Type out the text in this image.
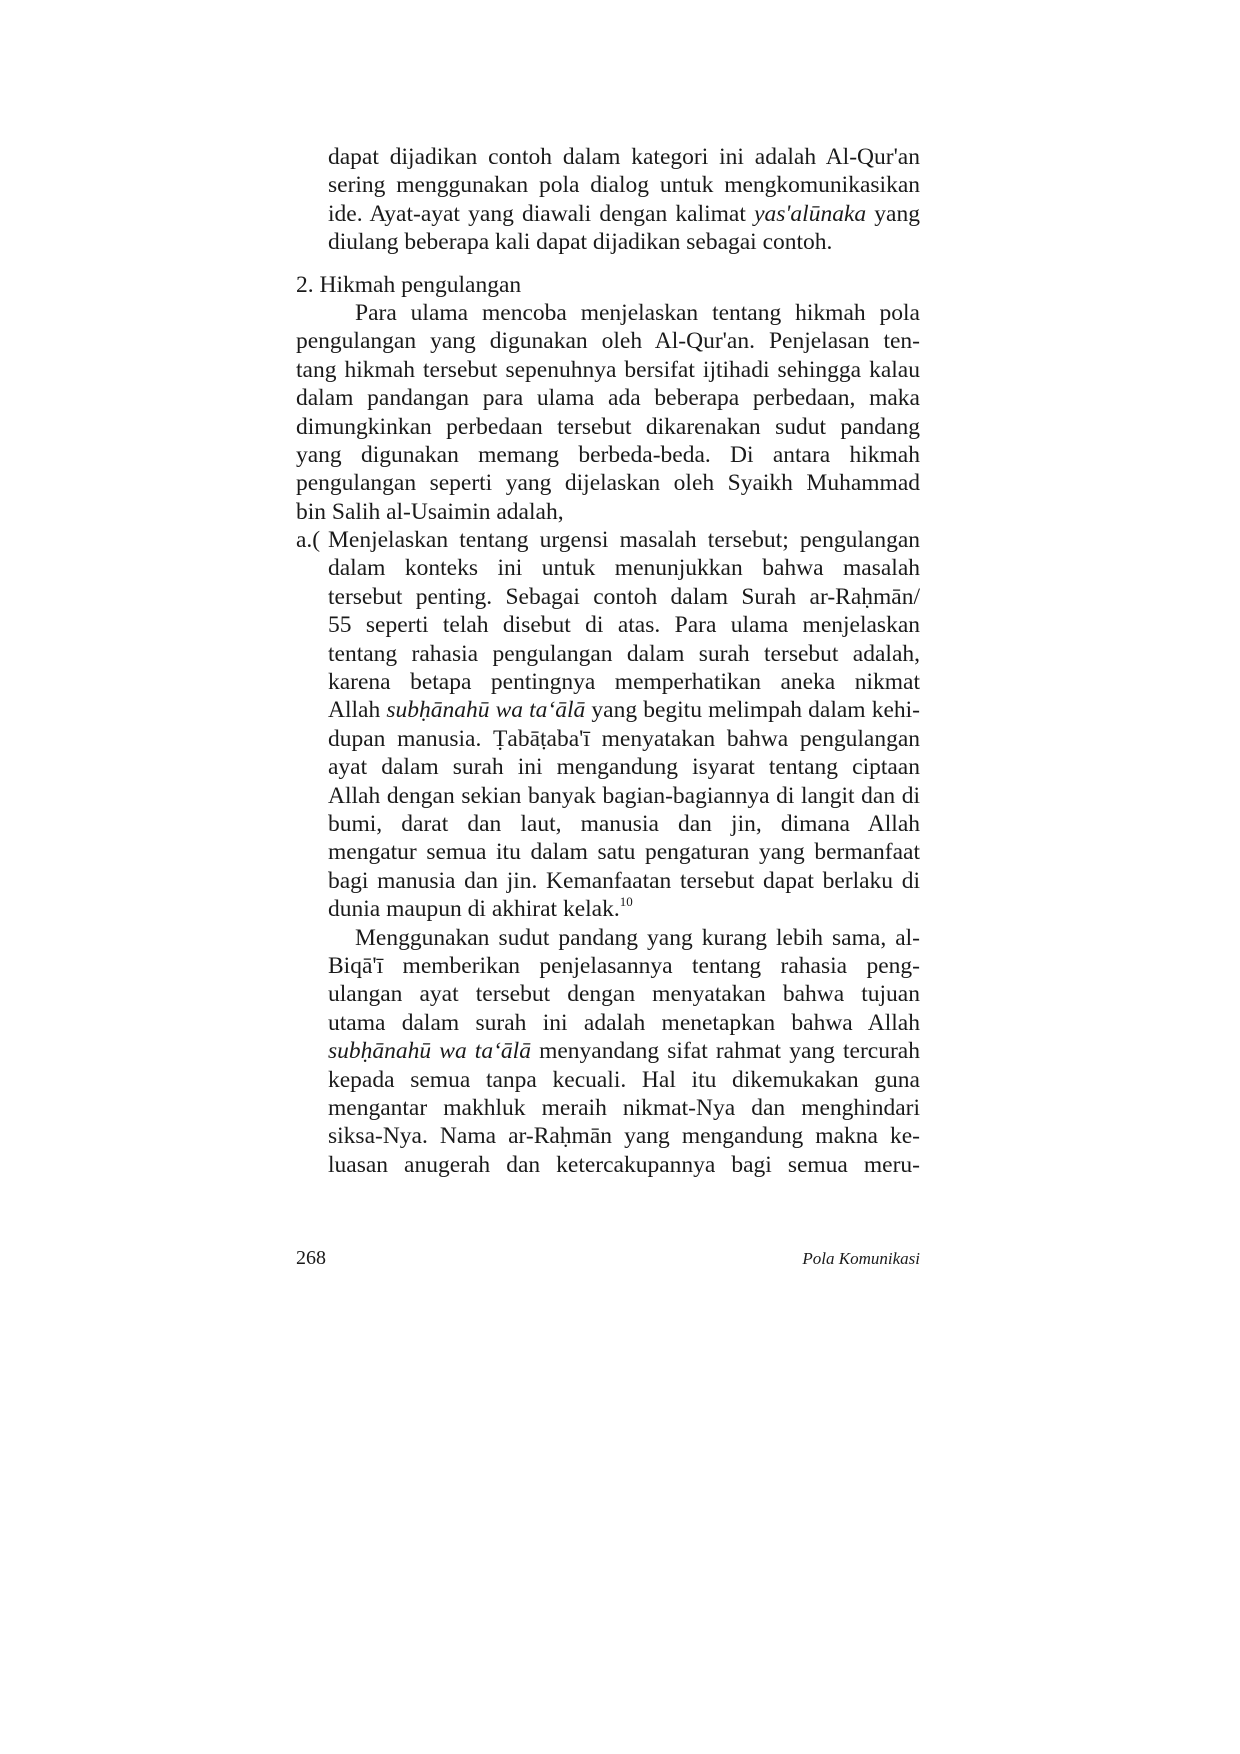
dapat dijadikan contoh dalam kategori ini adalah Al-Qur'an
sering menggunakan pola dialog untuk mengkomunikasikan
ide. Ayat-ayat yang diawali dengan kalimat yas'alūnaka yang
diulang beberapa kali dapat dijadikan sebagai contoh.
2. Hikmah pengulangan
Para ulama mencoba menjelaskan tentang hikmah pola
pengulangan yang digunakan oleh Al-Qur'an. Penjelasan ten-
tang hikmah tersebut sepenuhnya bersifat ijtihadi sehingga kalau
dalam pandangan para ulama ada beberapa perbedaan, maka
dimungkinkan perbedaan tersebut dikarenakan sudut pandang
yang digunakan memang berbeda-beda. Di antara hikmah
pengulangan seperti yang dijelaskan oleh Syaikh Muhammad
bin Salih al-Usaimin adalah,
a.( Menjelaskan tentang urgensi masalah tersebut; pengulangan
dalam konteks ini untuk menunjukkan bahwa masalah
tersebut penting. Sebagai contoh dalam Surah ar-Raḥmān/
55 seperti telah disebut di atas. Para ulama menjelaskan
tentang rahasia pengulangan dalam surah tersebut adalah,
karena betapa pentingnya memperhatikan aneka nikmat
Allah subḥānahū wa ta‘ālā yang begitu melimpah dalam kehi-
dupan manusia. Ṭabāṭaba'ī menyatakan bahwa pengulangan
ayat dalam surah ini mengandung isyarat tentang ciptaan
Allah dengan sekian banyak bagian-bagiannya di langit dan di
bumi, darat dan laut, manusia dan jin, dimana Allah
mengatur semua itu dalam satu pengaturan yang bermanfaat
bagi manusia dan jin. Kemanfaatan tersebut dapat berlaku di
dunia maupun di akhirat kelak.$^{10}$
Menggunakan sudut pandang yang kurang lebih sama, al-
Biqā'ī memberikan penjelasannya tentang rahasia peng-
ulangan ayat tersebut dengan menyatakan bahwa tujuan
utama dalam surah ini adalah menetapkan bahwa Allah
subḥānahū wa ta‘ālā menyandang sifat rahmat yang tercurah
kepada semua tanpa kecuali. Hal itu dikemukakan guna
mengantar makhluk meraih nikmat-Nya dan menghindari
siksa-Nya. Nama ar-Raḥmān yang mengandung makna ke-
luasan anugerah dan ketercakupannya bagi semua meru-
268	Pola Komunikasi
